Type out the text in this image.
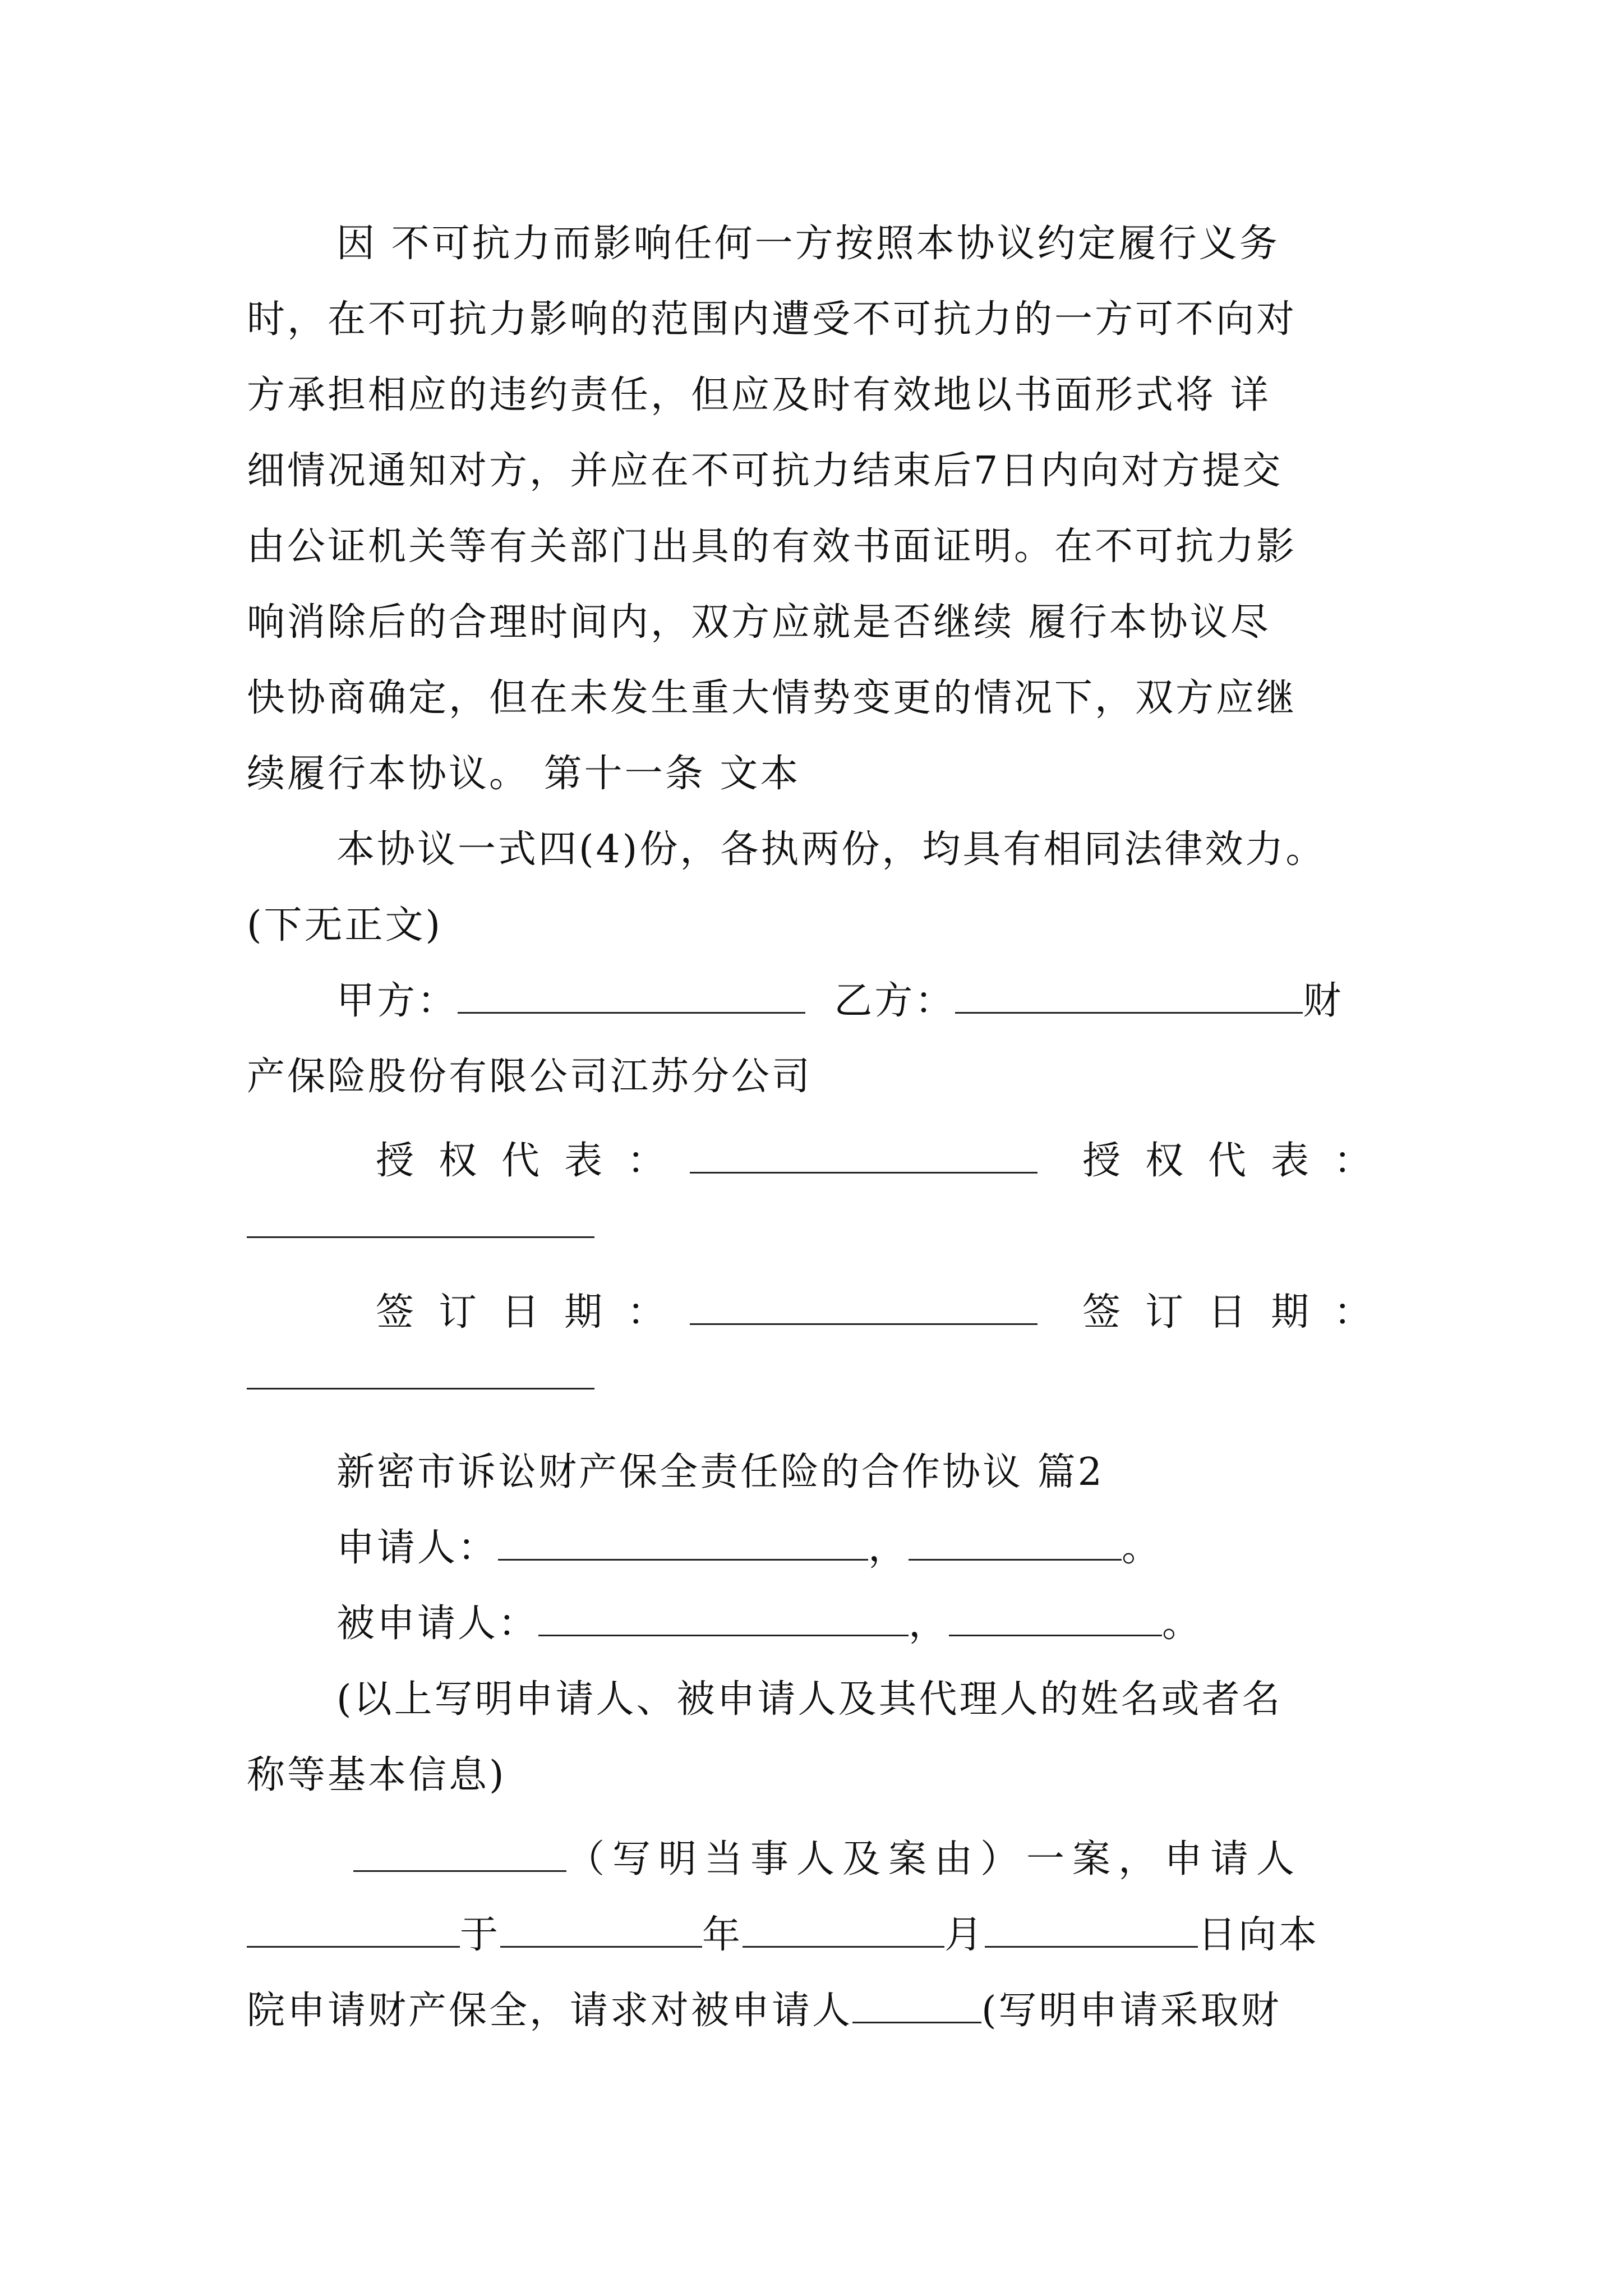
因 不可抗力而影响任何一方按照本协议约定履行义务
时，在不可抗力影响的范围内遭受不可抗力的一方可不向对
方承担相应的违约责任，但应及时有效地以书面形式将 详
细情况通知对方，并应在不可抗力结束后7日内向对方提交
由公证机关等有关部门出具的有效书面证明。在不可抗力影
响消除后的合理时间内，双方应就是否继续 履行本协议尽
快协商确定，但在未发生重大情势变更的情况下，双方应继
续履行本协议。 第十一条 文本
本协议一式四(4)份，各执两份，均具有相同法律效力。
(下无正文)
甲方：	乙方：	财
产保险股份有限公司江苏分公司
授权代表：	授权代表：
签订日期：	签订日期：
新密市诉讼财产保全责任险的合作协议 篇2
申请人：	，	。
被申请人：	，	。
(以上写明申请人、被申请人及其代理人的姓名或者名
称等基本信息)
（写明当事人及案由）一案，申请人
于	年	月	日向本
院申请财产保全，请求对被申请人	(写明申请采取财
